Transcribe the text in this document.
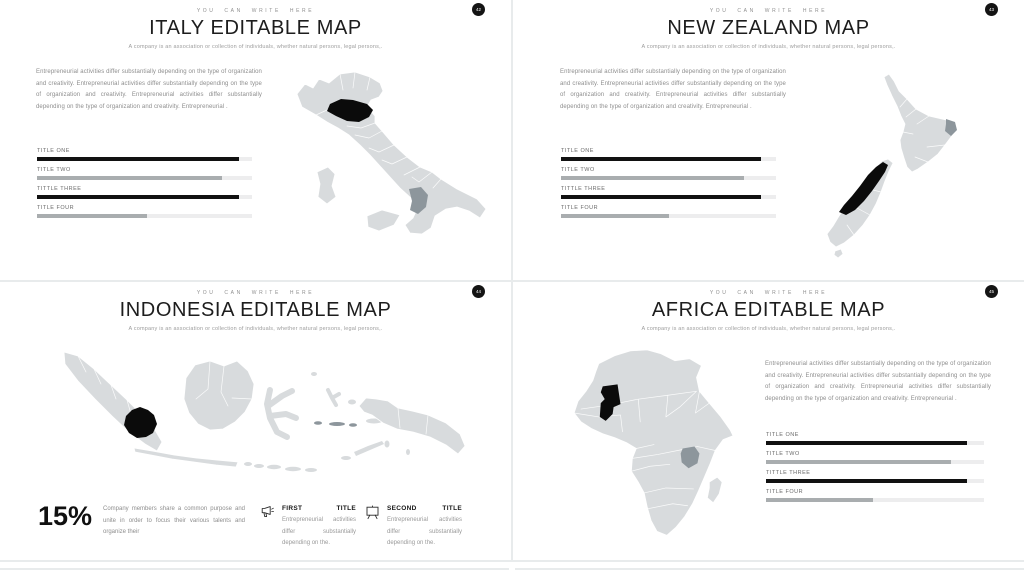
YOU CAN WRITE HERE
ITALY EDITABLE MAP
A company is an association or collection of individuals, whether natural persons, legal persons,.
42
Entrepreneurial activities differ substantially depending on the type of organization and creativity. Entrepreneurial activities differ substantially depending on the type of organization and creativity. Entrepreneurial activities differ substantially depending on the type of organization and creativity. Entrepreneurial .
TITLE ONE
TITLE TWO
TITTLE THREE
TITLE FOUR
YOU CAN WRITE HERE
NEW ZEALAND MAP
A company is an association or collection of individuals, whether natural persons, legal persons,.
43
Entrepreneurial activities differ substantially depending on the type of organization and creativity. Entrepreneurial activities differ substantially depending on the type of organization and creativity. Entrepreneurial activities differ substantially depending on the type of organization and creativity. Entrepreneurial .
TITLE ONE
TITLE TWO
TITTLE THREE
TITLE FOUR
YOU CAN WRITE HERE
INDONESIA EDITABLE MAP
A company is an association or collection of individuals, whether natural persons, legal persons,.
44
15% Company members share a common purpose and unite in order to focus their various talents and organize their
FIRST TITLE Entrepreneurial activities differ substantially depending on the.
SECOND TITLE Entrepreneurial activities differ substantially depending on the.
YOU CAN WRITE HERE
AFRICA EDITABLE MAP
A company is an association or collection of individuals, whether natural persons, legal persons,.
45
Entrepreneurial activities differ substantially depending on the type of organization and creativity. Entrepreneurial activities differ substantially depending on the type of organization and creativity. Entrepreneurial activities differ substantially depending on the type of organization and creativity. Entrepreneurial .
TITLE ONE
TITLE TWO
TITTLE THREE
TITLE FOUR
